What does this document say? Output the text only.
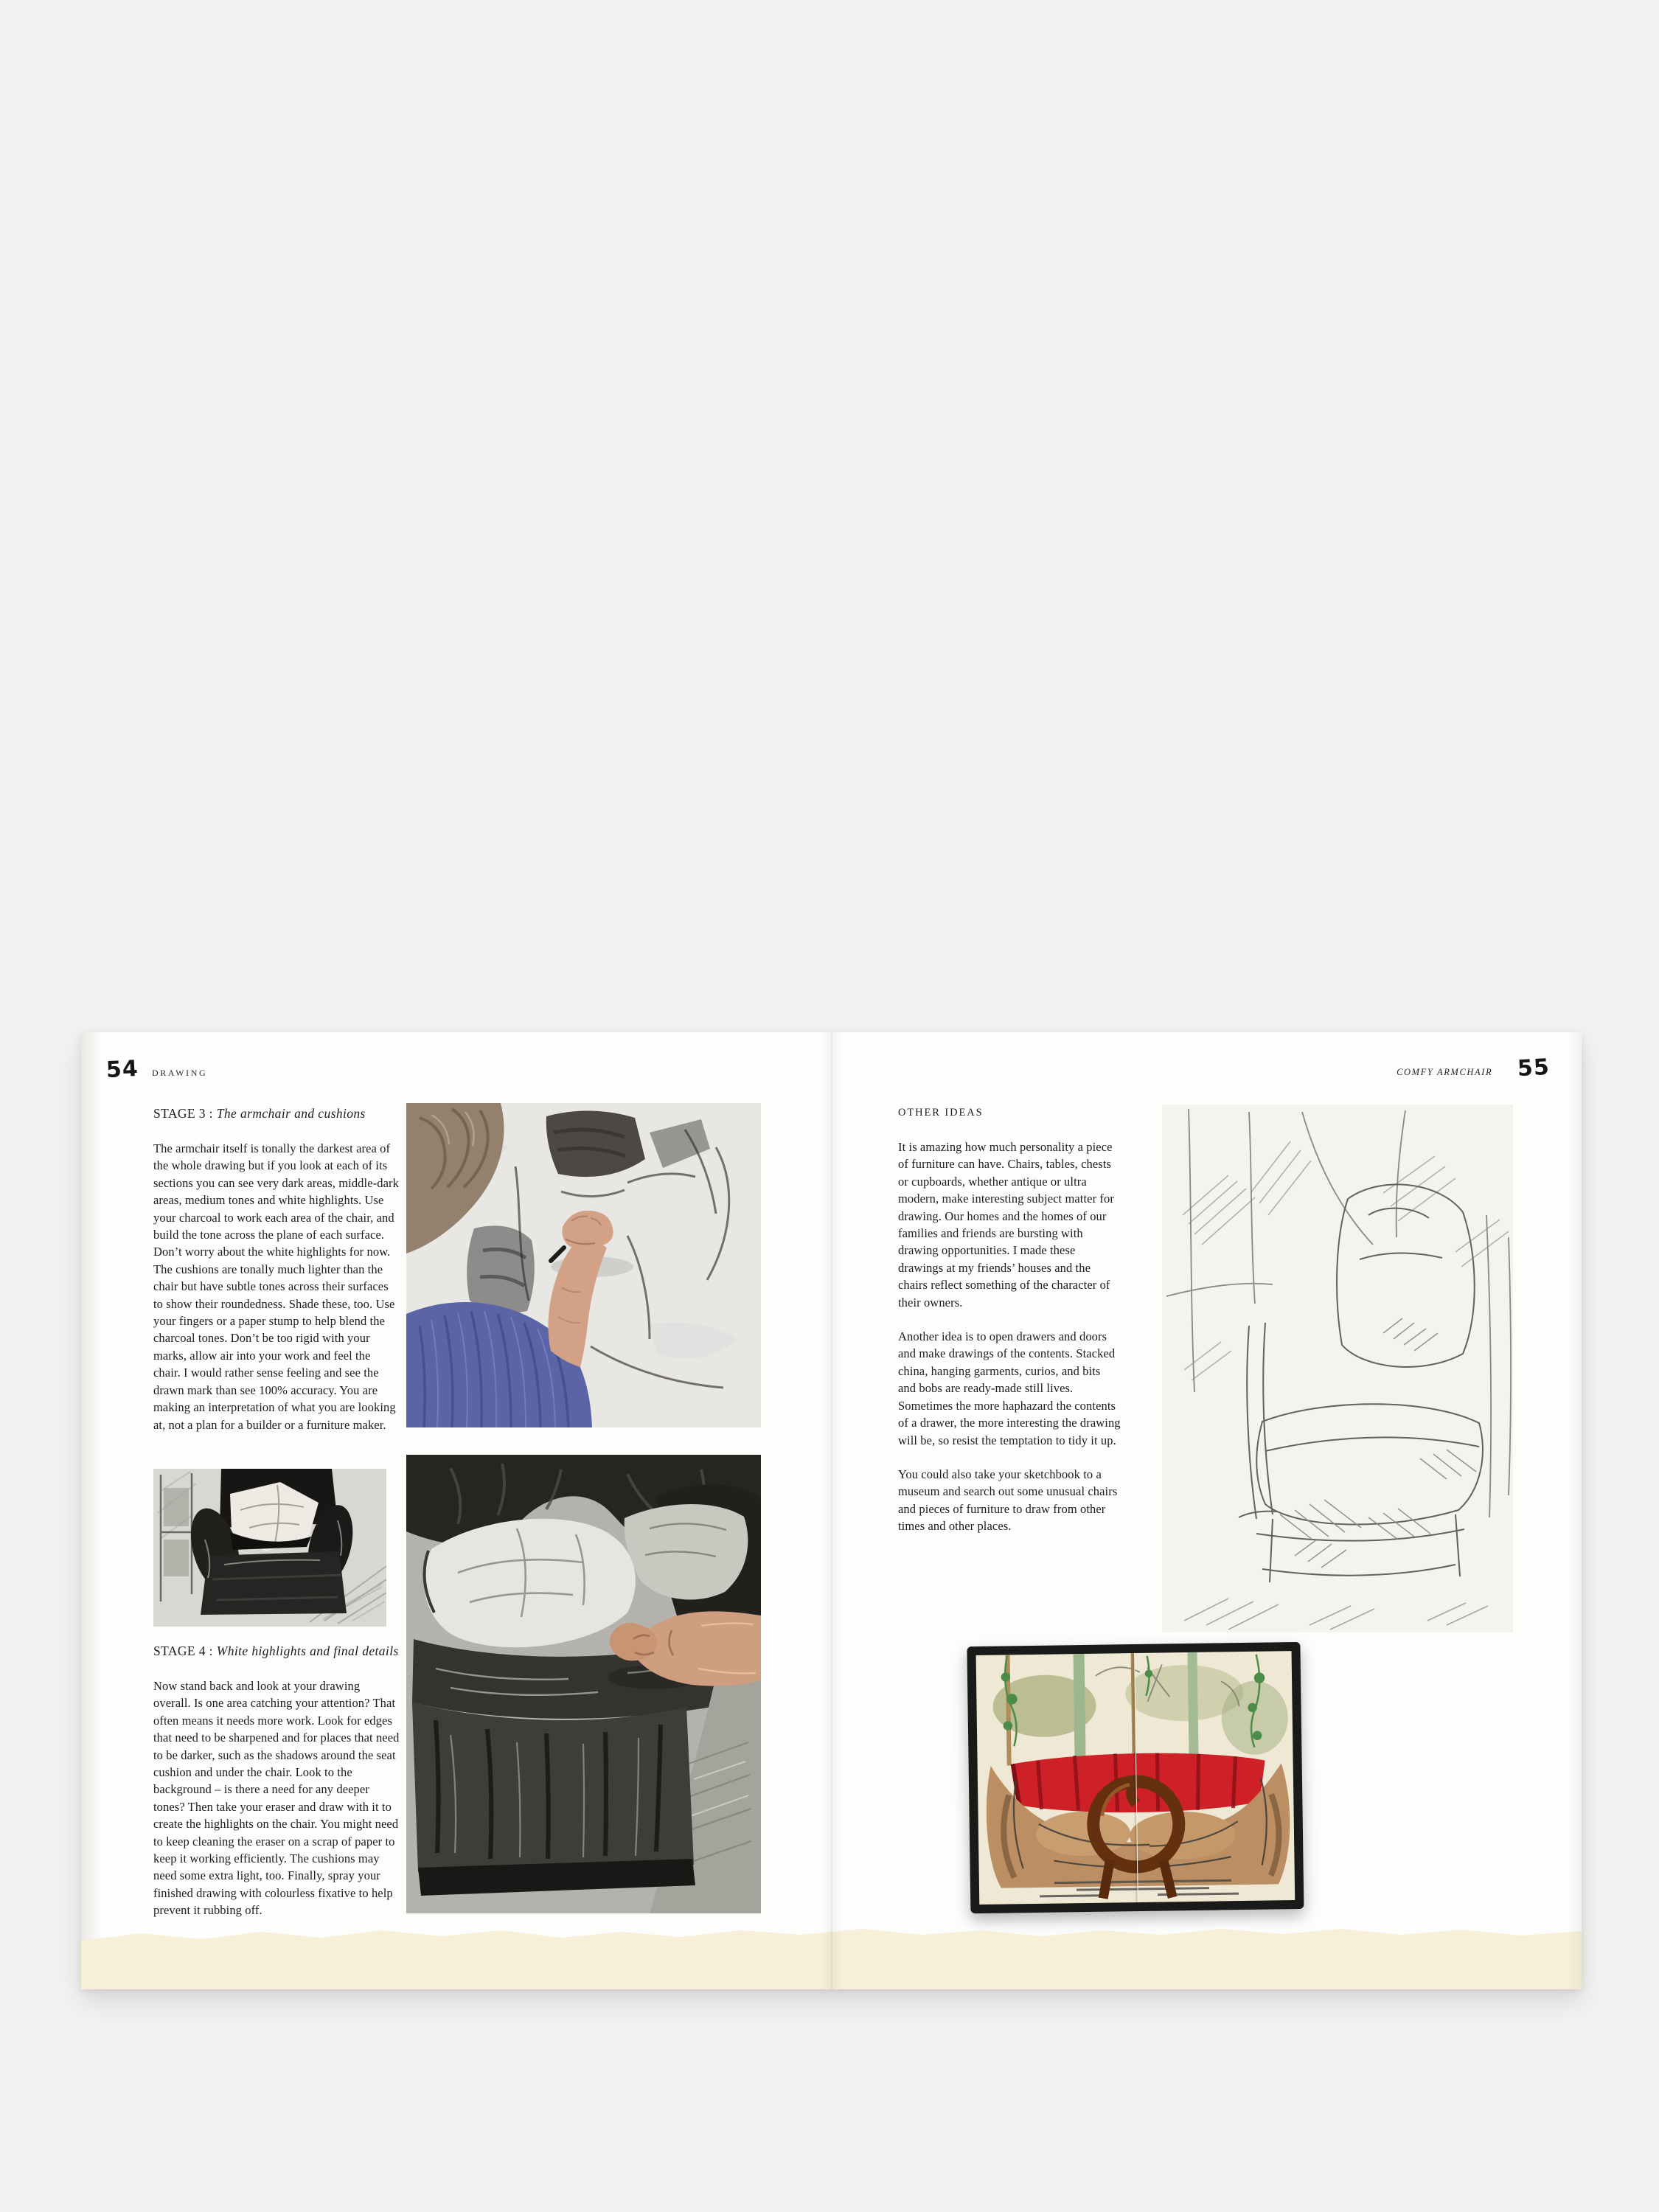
54 DRAWING
STAGE 3 : The armchair and cushions
The armchair itself is tonally the darkest area of the whole drawing but if you look at each of its sections you can see very dark areas, middle-dark areas, medium tones and white highlights. Use your charcoal to work each area of the chair, and build the tone across the plane of each surface. Don’t worry about the white highlights for now. The cushions are tonally much lighter than the chair but have subtle tones across their surfaces to show their roundedness. Shade these, too. Use your fingers or a paper stump to help blend the charcoal tones. Don’t be too rigid with your marks, allow air into your work and feel the chair. I would rather sense feeling and see the drawn mark than see 100% accuracy. You are making an interpretation of what you are looking at, not a plan for a builder or a furniture maker.
STAGE 4 : White highlights and final details
Now stand back and look at your drawing overall. Is one area catching your attention? That often means it needs more work. Look for edges that need to be sharpened and for places that need to be darker, such as the shadows around the seat cushion and under the chair. Look to the background – is there a need for any deeper tones? Then take your eraser and draw with it to create the highlights on the chair. You might need to keep cleaning the eraser on a scrap of paper to keep it working efficiently. The cushions may need some extra light, too. Finally, spray your finished drawing with colourless fixative to help prevent it rubbing off.
COMFY ARMCHAIR 55
OTHER IDEAS

It is amazing how much personality a piece of furniture can have. Chairs, tables, chests or cupboards, whether antique or ultra modern, make interesting subject matter for drawing. Our homes and the homes of our families and friends are bursting with drawing opportunities. I made these drawings at my friends’ houses and the chairs reflect something of the character of their owners.

Another idea is to open drawers and doors and make drawings of the contents. Stacked china, hanging garments, curios, and bits and bobs are ready-made still lives. Sometimes the more haphazard the contents of a drawer, the more interesting the drawing will be, so resist the temptation to tidy it up.

You could also take your sketchbook to a museum and search out some unusual chairs and pieces of furniture to draw from other times and other places.
